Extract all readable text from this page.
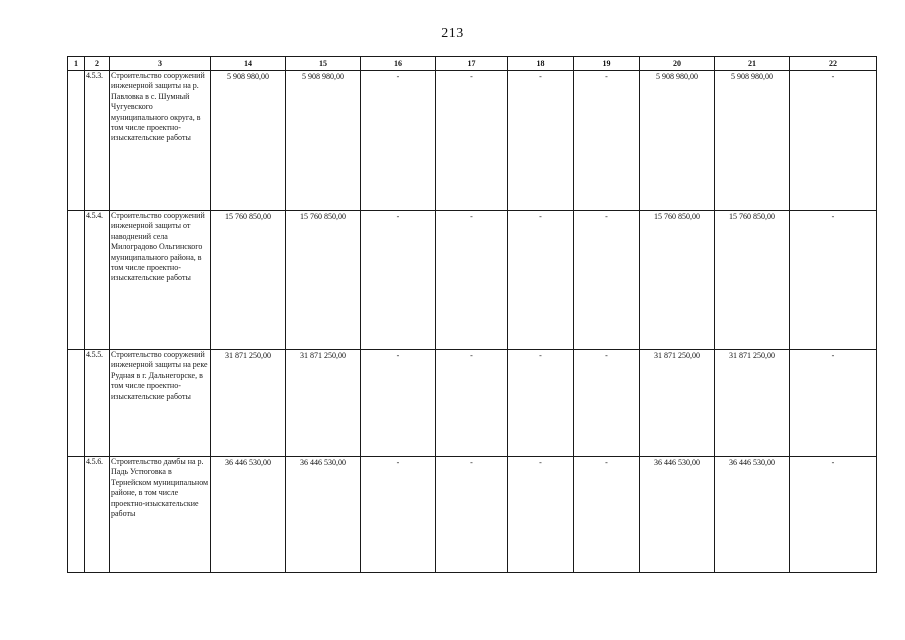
213
1	2	3	14	15	16	17	18	19	20	21	22
	4.5.3.	Строительство сооружений инженерной защиты на р. Павловка в с. Шумный Чугуевского муниципального округа, в том числе проектно-изыскательские работы	5 908 980,00	5 908 980,00	-	-	-	-	5 908 980,00	5 908 980,00	-
	4.5.4.	Строительство сооружений инженерной защиты от наводнений села Милоградово Ольгинского муниципального района, в том числе проектно-изыскательские работы	15 760 850,00	15 760 850,00	-	-	-	-	15 760 850,00	15 760 850,00	-
	4.5.5.	Строительство сооружений инженерной защиты на реке Рудная в г. Дальнегорске, в том числе проектно-изыскательские работы	31 871 250,00	31 871 250,00	-	-	-	-	31 871 250,00	31 871 250,00	-
	4.5.6.	Строительство дамбы на р. Падь Устюговка в Тернейском муниципальном районе, в том числе проектно-изыскательские работы	36 446 530,00	36 446 530,00	-	-	-	-	36 446 530,00	36 446 530,00	-
